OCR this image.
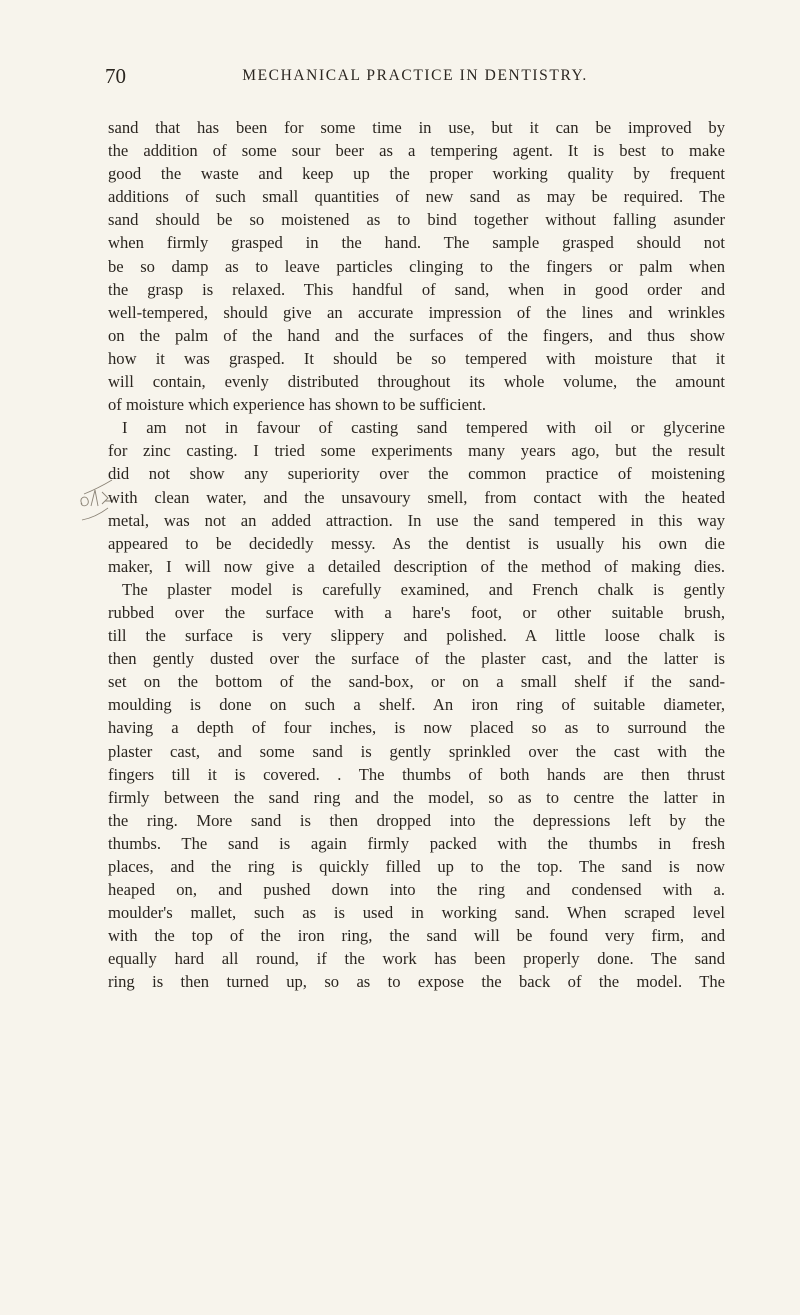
70	MECHANICAL PRACTICE IN DENTISTRY.
sand that has been for some time in use, but it can be improved by
the addition of some sour beer as a tempering agent. It is best to make
good the waste and keep up the proper working quality by frequent
additions of such small quantities of new sand as may be required. The
sand should be so moistened as to bind together without falling asunder
when firmly grasped in the hand. The sample grasped should not
be so damp as to leave particles clinging to the fingers or palm when
the grasp is relaxed. This handful of sand, when in good order and
well-tempered, should give an accurate impression of the lines and wrinkles
on the palm of the hand and the surfaces of the fingers, and thus show
how it was grasped. It should be so tempered with moisture that it
will contain, evenly distributed throughout its whole volume, the amount
of moisture which experience has shown to be sufficient.
I am not in favour of casting sand tempered with oil or glycerine
for zinc casting. I tried some experiments many years ago, but the result
did not show any superiority over the common practice of moistening
with clean water, and the unsavoury smell, from contact with the heated
metal, was not an added attraction. In use the sand tempered in this way
appeared to be decidedly messy. As the dentist is usually his own die
maker, I will now give a detailed description of the method of making dies.
The plaster model is carefully examined, and French chalk is gently
rubbed over the surface with a hare's foot, or other suitable brush,
till the surface is very slippery and polished. A little loose chalk is
then gently dusted over the surface of the plaster cast, and the latter is
set on the bottom of the sand-box, or on a small shelf if the sand-
moulding is done on such a shelf. An iron ring of suitable diameter,
having a depth of four inches, is now placed so as to surround the
plaster cast, and some sand is gently sprinkled over the cast with the
fingers till it is covered. . The thumbs of both hands are then thrust
firmly between the sand ring and the model, so as to centre the latter in
the ring. More sand is then dropped into the depressions left by the
thumbs. The sand is again firmly packed with the thumbs in fresh
places, and the ring is quickly filled up to the top. The sand is now
heaped on, and pushed down into the ring and condensed with a.
moulder's mallet, such as is used in working sand. When scraped level
with the top of the iron ring, the sand will be found very firm, and
equally hard all round, if the work has been properly done. The sand
ring is then turned up, so as to expose the back of the model. The
